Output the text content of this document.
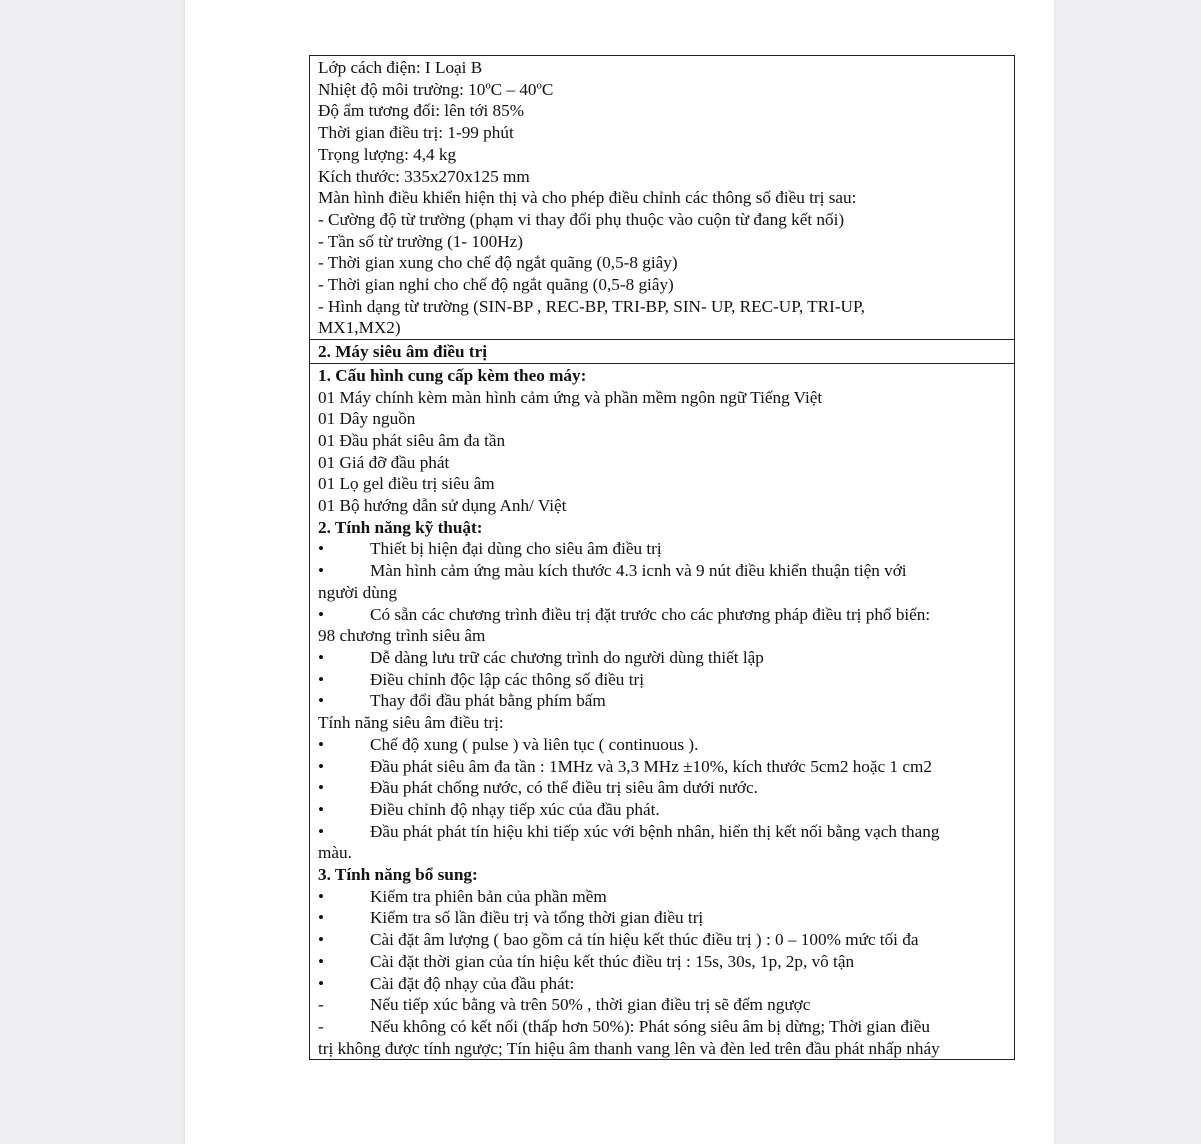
Lớp cách điện: I Loại B
Nhiệt độ môi trường: 10ºC – 40ºC
Độ ẩm tương đối: lên tới 85%
Thời gian điều trị: 1-99 phút
Trọng lượng: 4,4 kg
Kích thước: 335x270x125 mm
Màn hình điều khiển hiện thị và cho phép điều chỉnh các thông số điều trị sau:
- Cường độ từ trường (phạm vi thay đổi phụ thuộc vào cuộn từ đang kết nối)
- Tần số từ trường (1- 100Hz)
- Thời gian xung cho chế độ ngắt quãng (0,5-8 giây)
- Thời gian nghỉ cho chế độ ngắt quãng (0,5-8 giây)
- Hình dạng từ trường (SIN-BP , REC-BP, TRI-BP, SIN- UP, REC-UP, TRI-UP,
MX1,MX2)
2. Máy siêu âm điều trị
1. Cấu hình cung cấp kèm theo máy:
01 Máy chính kèm màn hình cảm ứng và phần mềm ngôn ngữ Tiếng Việt
01 Dây nguồn
01 Đầu phát siêu âm đa tần
01 Giá đỡ đầu phát
01 Lọ gel điều trị siêu âm
01 Bộ hướng dẫn sử dụng Anh/ Việt
2. Tính năng kỹ thuật:
•	Thiết bị hiện đại dùng cho siêu âm điều trị
•	Màn hình cảm ứng màu kích thước 4.3 icnh và 9 nút điều khiển thuận tiện với
người dùng
•	Có sẵn các chương trình điều trị đặt trước cho các phương pháp điều trị phổ biến:
98 chương trình siêu âm
•	Dễ dàng lưu trữ các chương trình do người dùng thiết lập
•	Điều chỉnh độc lập các thông số điều trị
•	Thay đổi đầu phát bằng phím bấm
Tính năng siêu âm điều trị:
•	Chế độ xung ( pulse ) và liên tục ( continuous ).
•	Đầu phát siêu âm đa tần : 1MHz và 3,3 MHz ±10%, kích thước 5cm2 hoặc 1 cm2
•	Đầu phát chống nước, có thể điều trị siêu âm dưới nước.
•	Điều chỉnh độ nhạy tiếp xúc của đầu phát.
•	Đầu phát phát tín hiệu khi tiếp xúc với bệnh nhân, hiển thị kết nối bằng vạch thang
màu.
3. Tính năng bổ sung:
•	Kiểm tra phiên bản của phần mềm
•	Kiểm tra số lần điều trị và tổng thời gian điều trị
•	Cài đặt âm lượng ( bao gồm cả tín hiệu kết thúc điều trị ) : 0 – 100% mức tối đa
•	Cài đặt thời gian của tín hiệu kết thúc điều trị : 15s, 30s, 1p, 2p, vô tận
•	Cài đặt độ nhạy của đầu phát:
-	Nếu tiếp xúc bằng và trên 50% , thời gian điều trị sẽ đếm ngược
-	Nếu không có kết nối (thấp hơn 50%): Phát sóng siêu âm bị dừng; Thời gian điều
trị không được tính ngược; Tín hiệu âm thanh vang lên và đèn led trên đầu phát nhấp nháy
